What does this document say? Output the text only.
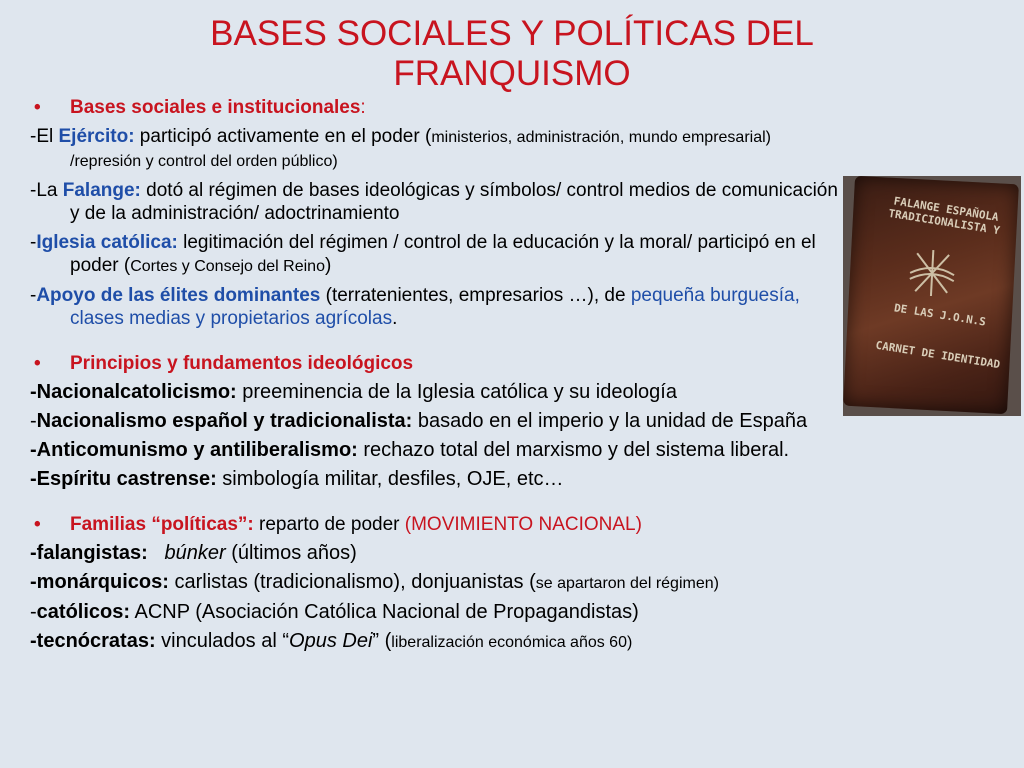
BASES SOCIALES Y POLÍTICAS DEL
FRANQUISMO

• Bases sociales e institucionales:

-El Ejército: participó activamente en el poder (ministerios, administración, mundo empresarial)
/represión y control del orden público)

-La Falange: dotó al régimen de bases ideológicas y símbolos/ control medios de comunicación y de la administración/ adoctrinamiento

-Iglesia católica: legitimación del régimen / control de la educación y la moral/ participó en el poder (Cortes y Consejo del Reino)

-Apoyo de las élites dominantes (terratenientes, empresarios …), de pequeña burguesía, clases medias y propietarios agrícolas.

• Principios y fundamentos ideológicos

-Nacionalcatolicismo: preeminencia de la Iglesia católica y su ideología

-Nacionalismo español y tradicionalista: basado en el imperio y la unidad de España

-Anticomunismo y antiliberalismo: rechazo total del marxismo y del sistema liberal.

-Espíritu castrense: simbología militar, desfiles, OJE, etc…

• Familias “políticas”: reparto de poder (MOVIMIENTO NACIONAL)

-falangistas: búnker (últimos años)

-monárquicos: carlistas (tradicionalismo), donjuanistas (se apartaron del régimen)

-católicos: ACNP (Asociación Católica Nacional de Propagandistas)

-tecnócratas: vinculados al “Opus Dei” (liberalización económica años 60)

FALANGE ESPAÑOLA TRADICIONALISTA Y
DE LAS J.O.N.S
CARNET DE IDENTIDAD
